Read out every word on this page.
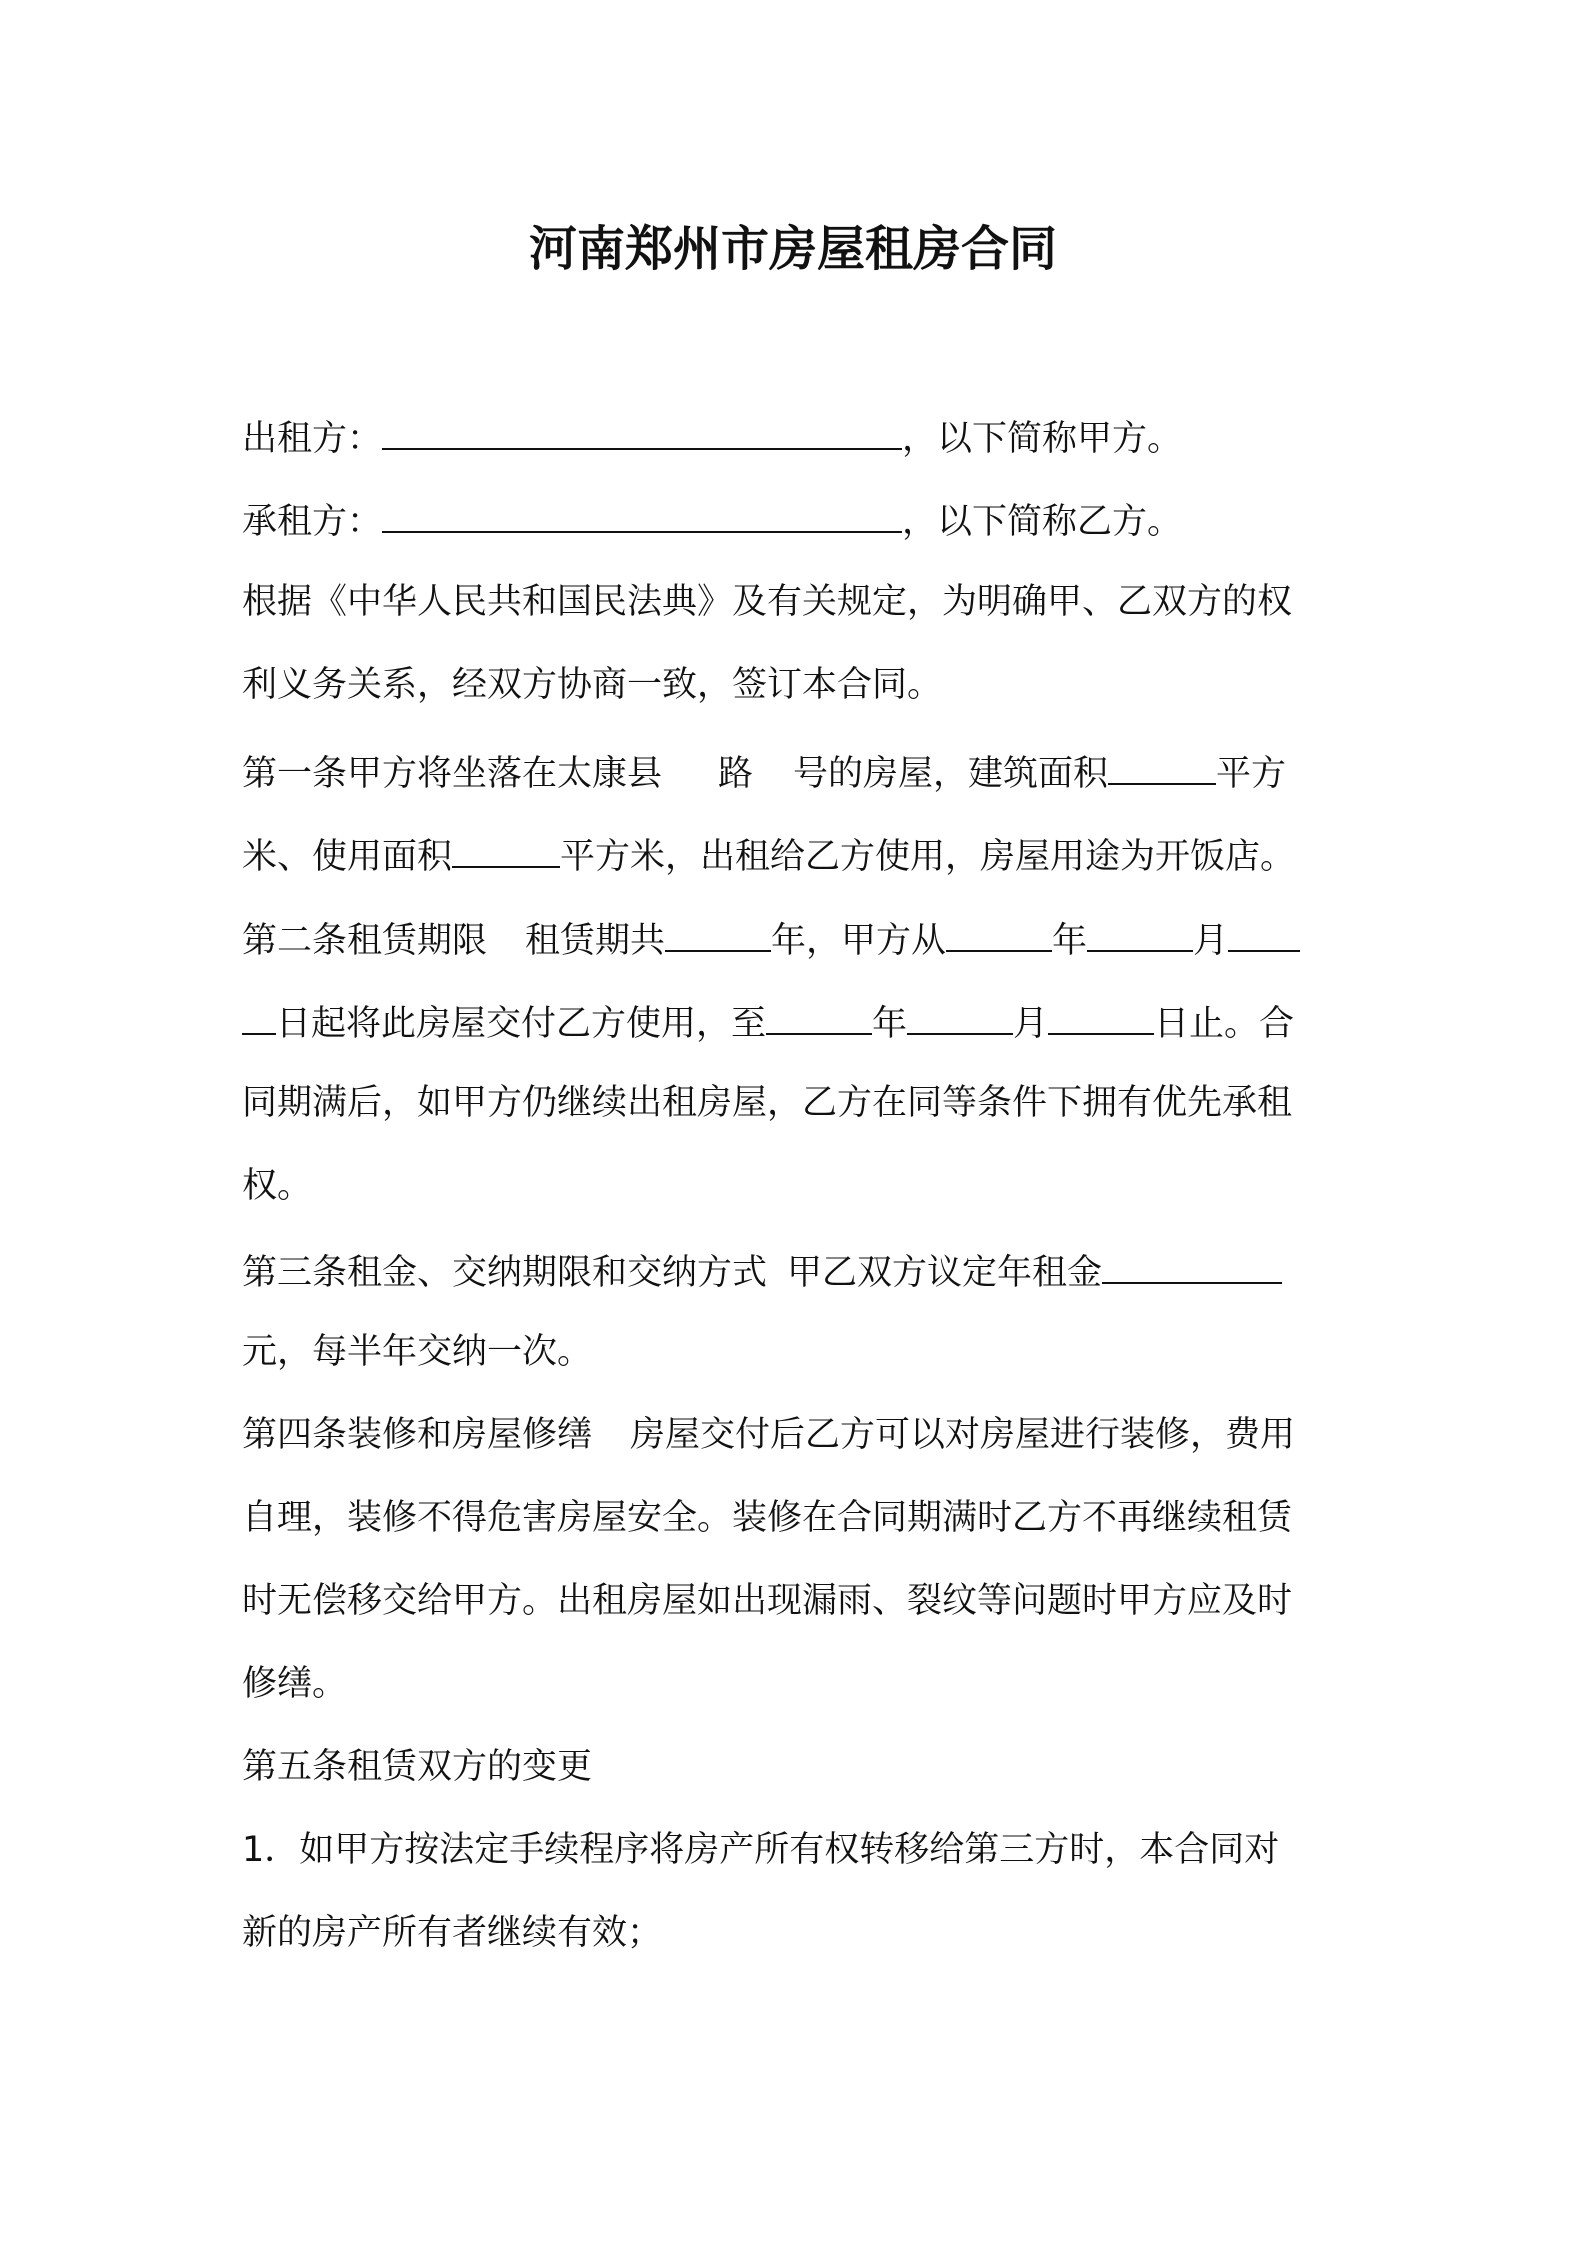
河南郑州市房屋租房合同
出租方：	，以下简称甲方。
承租方：	，以下简称乙方。
根据《中华人民共和国民法典》及有关规定，为明确甲、乙双方的权
利义务关系，经双方协商一致，签订本合同。
第一条甲方将坐落在太康县 路 号的房屋，建筑面积	平方
米、使用面积	平方米，出租给乙方使用，房屋用途为开饭店。
第二条租赁期限 租赁期共	年，甲方从	年	月
日起将此房屋交付乙方使用，至	年	月	日止。合
同期满后，如甲方仍继续出租房屋，乙方在同等条件下拥有优先承租
权。
第三条租金、交纳期限和交纳方式 甲乙双方议定年租金
元，每半年交纳一次。
第四条装修和房屋修缮 房屋交付后乙方可以对房屋进行装修，费用
自理，装修不得危害房屋安全。装修在合同期满时乙方不再继续租赁
时无偿移交给甲方。出租房屋如出现漏雨、裂纹等问题时甲方应及时
修缮。
第五条租赁双方的变更
1．如甲方按法定手续程序将房产所有权转移给第三方时，本合同对
新的房产所有者继续有效；
